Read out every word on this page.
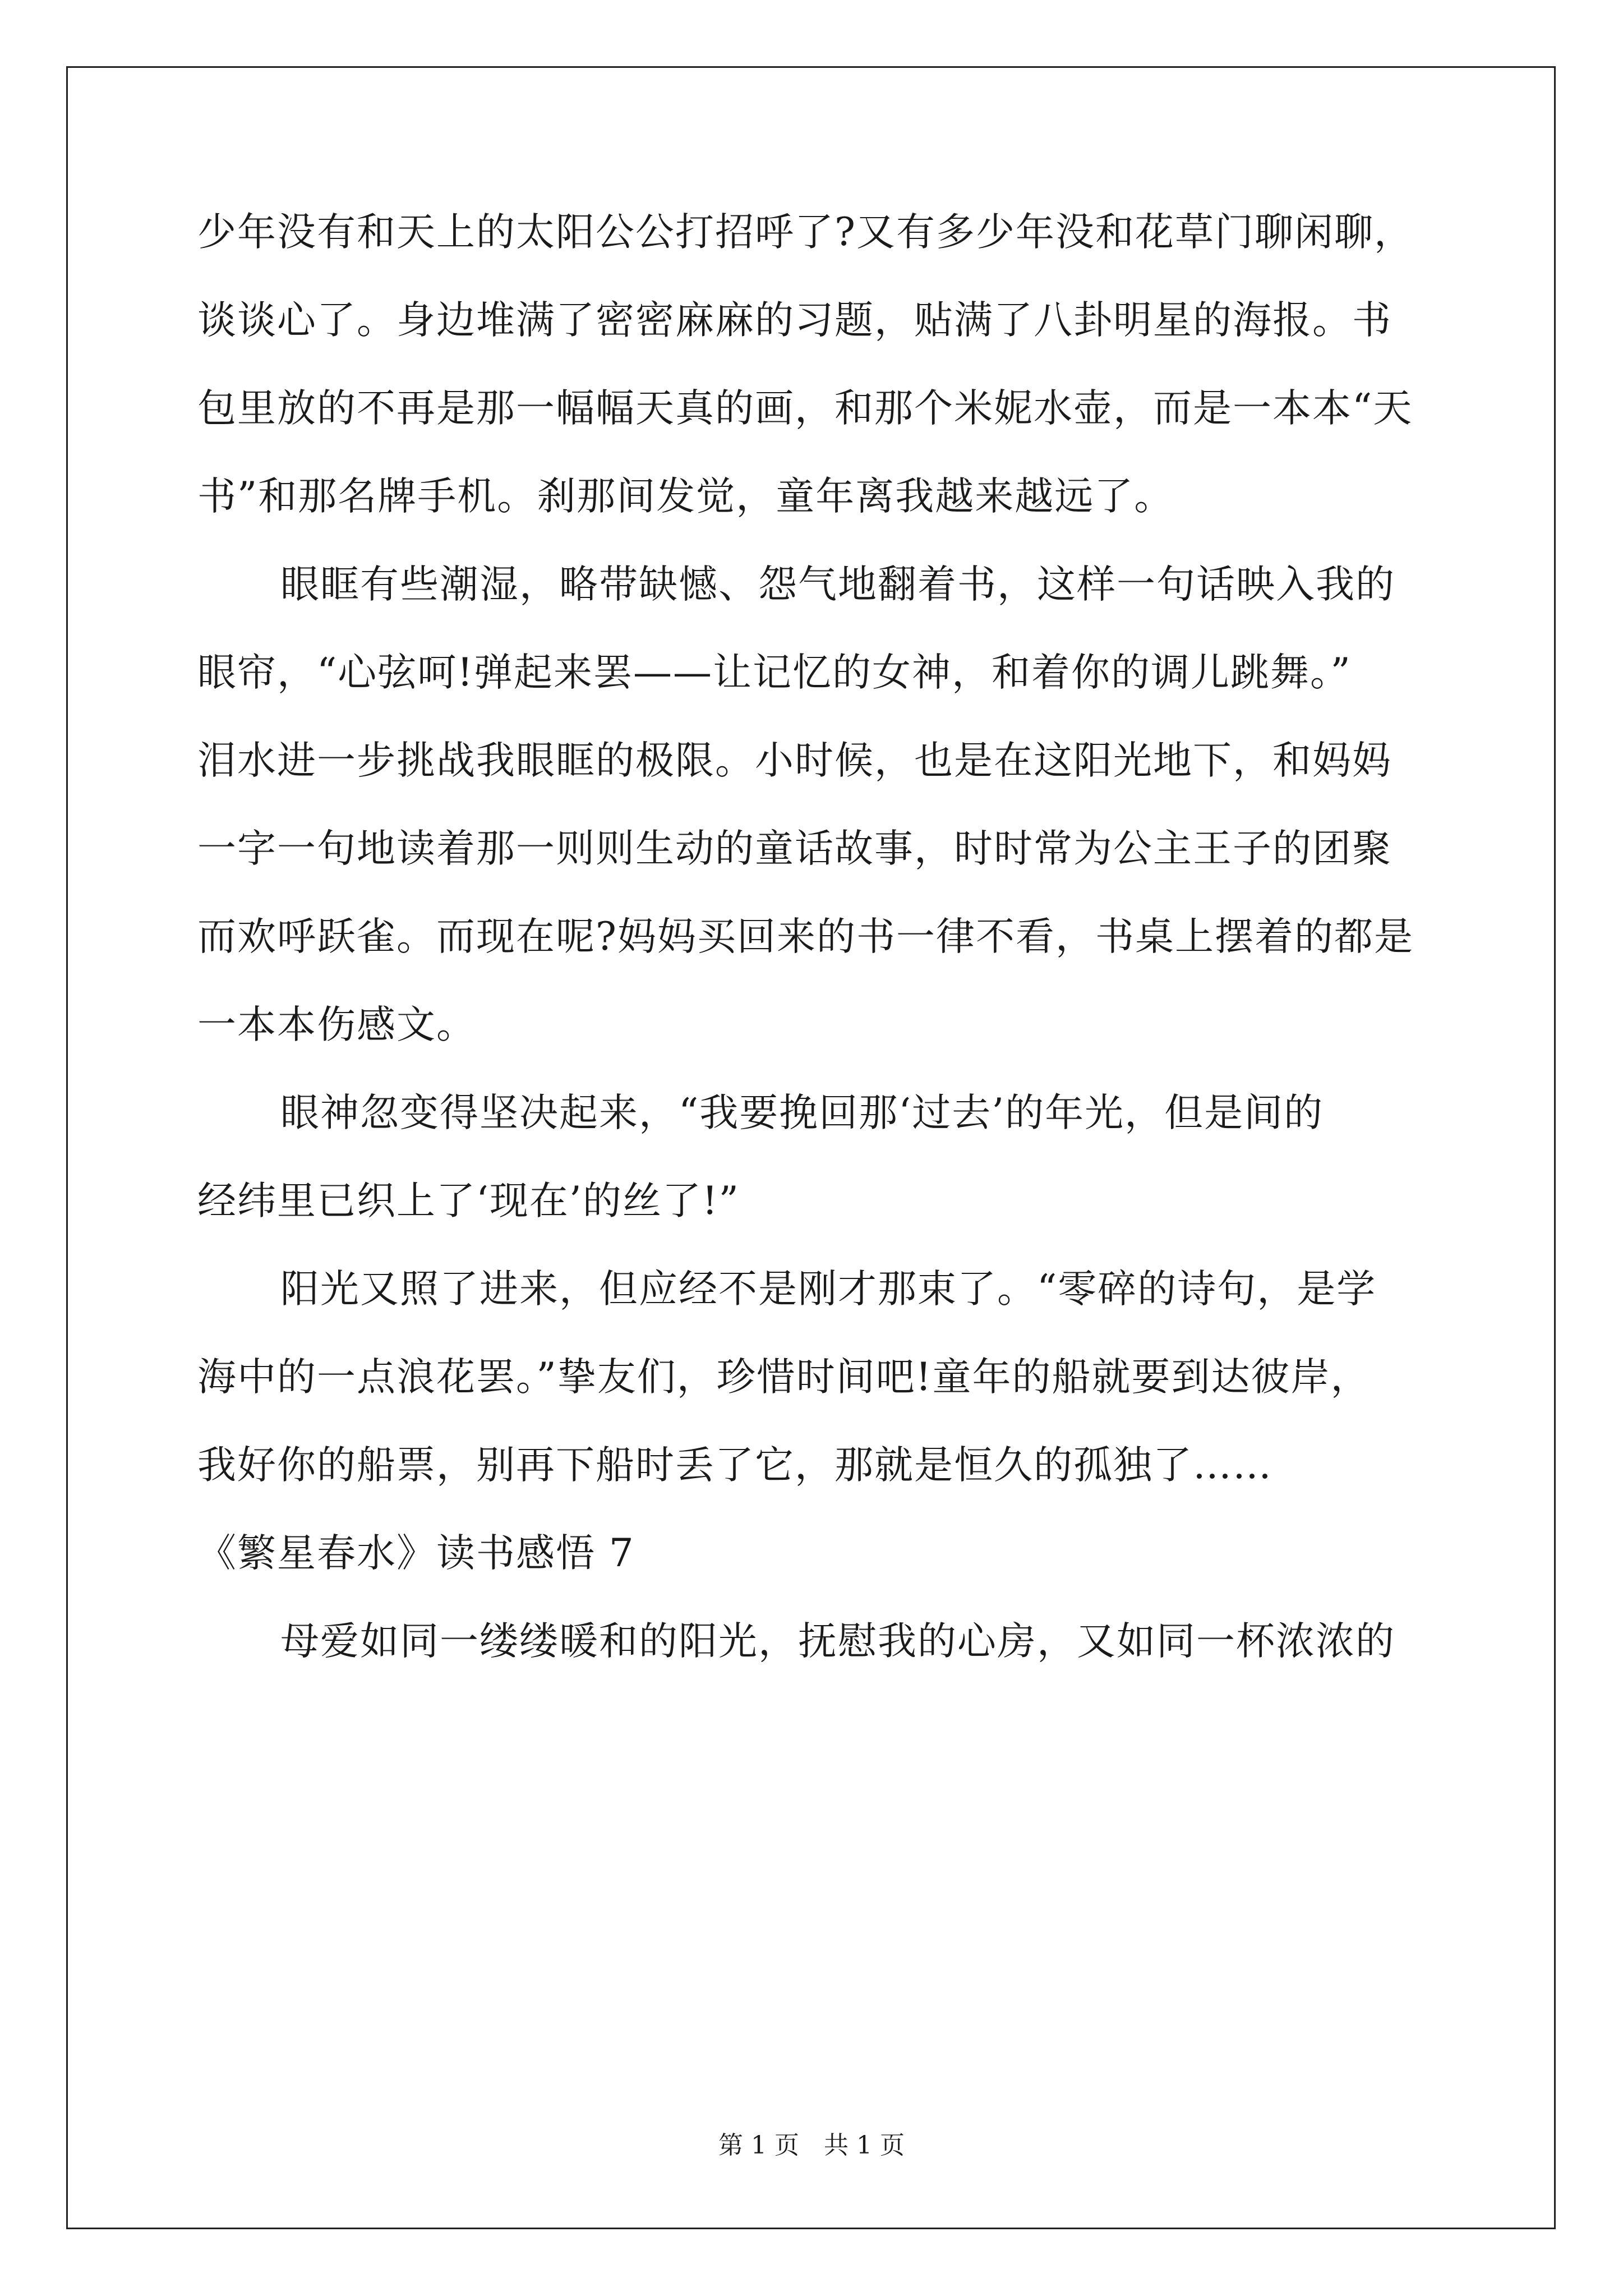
少年没有和天上的太阳公公打招呼了?又有多少年没和花草门聊闲聊，
谈谈心了。身边堆满了密密麻麻的习题，贴满了八卦明星的海报。书
包里放的不再是那一幅幅天真的画，和那个米妮水壶，而是一本本“天
书”和那名牌手机。刹那间发觉，童年离我越来越远了。
眼眶有些潮湿，略带缺憾、怨气地翻着书，这样一句话映入我的
眼帘，“心弦呵!弹起来罢——让记忆的女神，和着你的调儿跳舞。”
泪水进一步挑战我眼眶的极限。小时候，也是在这阳光地下，和妈妈
一字一句地读着那一则则生动的童话故事，时时常为公主王子的团聚
而欢呼跃雀。而现在呢?妈妈买回来的书一律不看，书桌上摆着的都是
一本本伤感文。
眼神忽变得坚决起来，“我要挽回那‘过去’的年光，但是间的
经纬里已织上了‘现在’的丝了!”
阳光又照了进来，但应经不是刚才那束了。“零碎的诗句，是学
海中的一点浪花罢。”挚友们，珍惜时间吧!童年的船就要到达彼岸，
我好你的船票，别再下船时丢了它，那就是恒久的孤独了……
《繁星春水》读书感悟 7
母爱如同一缕缕暖和的阳光，抚慰我的心房，又如同一杯浓浓的
第 1 页　共 1 页
